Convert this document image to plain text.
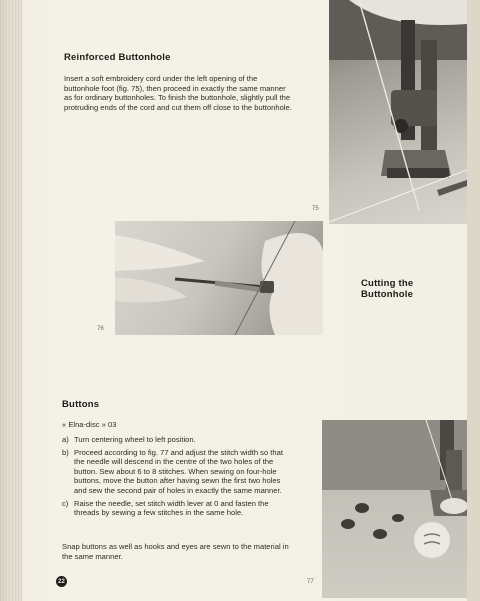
75
Reinforced Buttonhole
Insert a soft embroidery cord under the left opening of the buttonhole foot (fig. 75), then proceed in exactly the same manner as for ordinary buttonholes. To finish the buttonhole, slightly pull the protruding ends of the cord and cut them off close to the buttonhole.
76
Cutting the Buttonhole
Buttons
« Elna-disc » 03
a) Turn centering wheel to left position.
b) Proceed according to fig. 77 and adjust the stitch width so that the needle will descend in the centre of the two holes of the button. Sew about 6 to 8 stitches. When sewing on four-hole buttons, move the button after having sewn the first two holes and sew the second pair of holes in exactly the same manner.
c) Raise the needle, set stitch width lever at 0 and fasten the threads by sewing a few stitches in the same hole.
Snap buttons as well as hooks and eyes are sewn to the material in the same manner.
77
22
